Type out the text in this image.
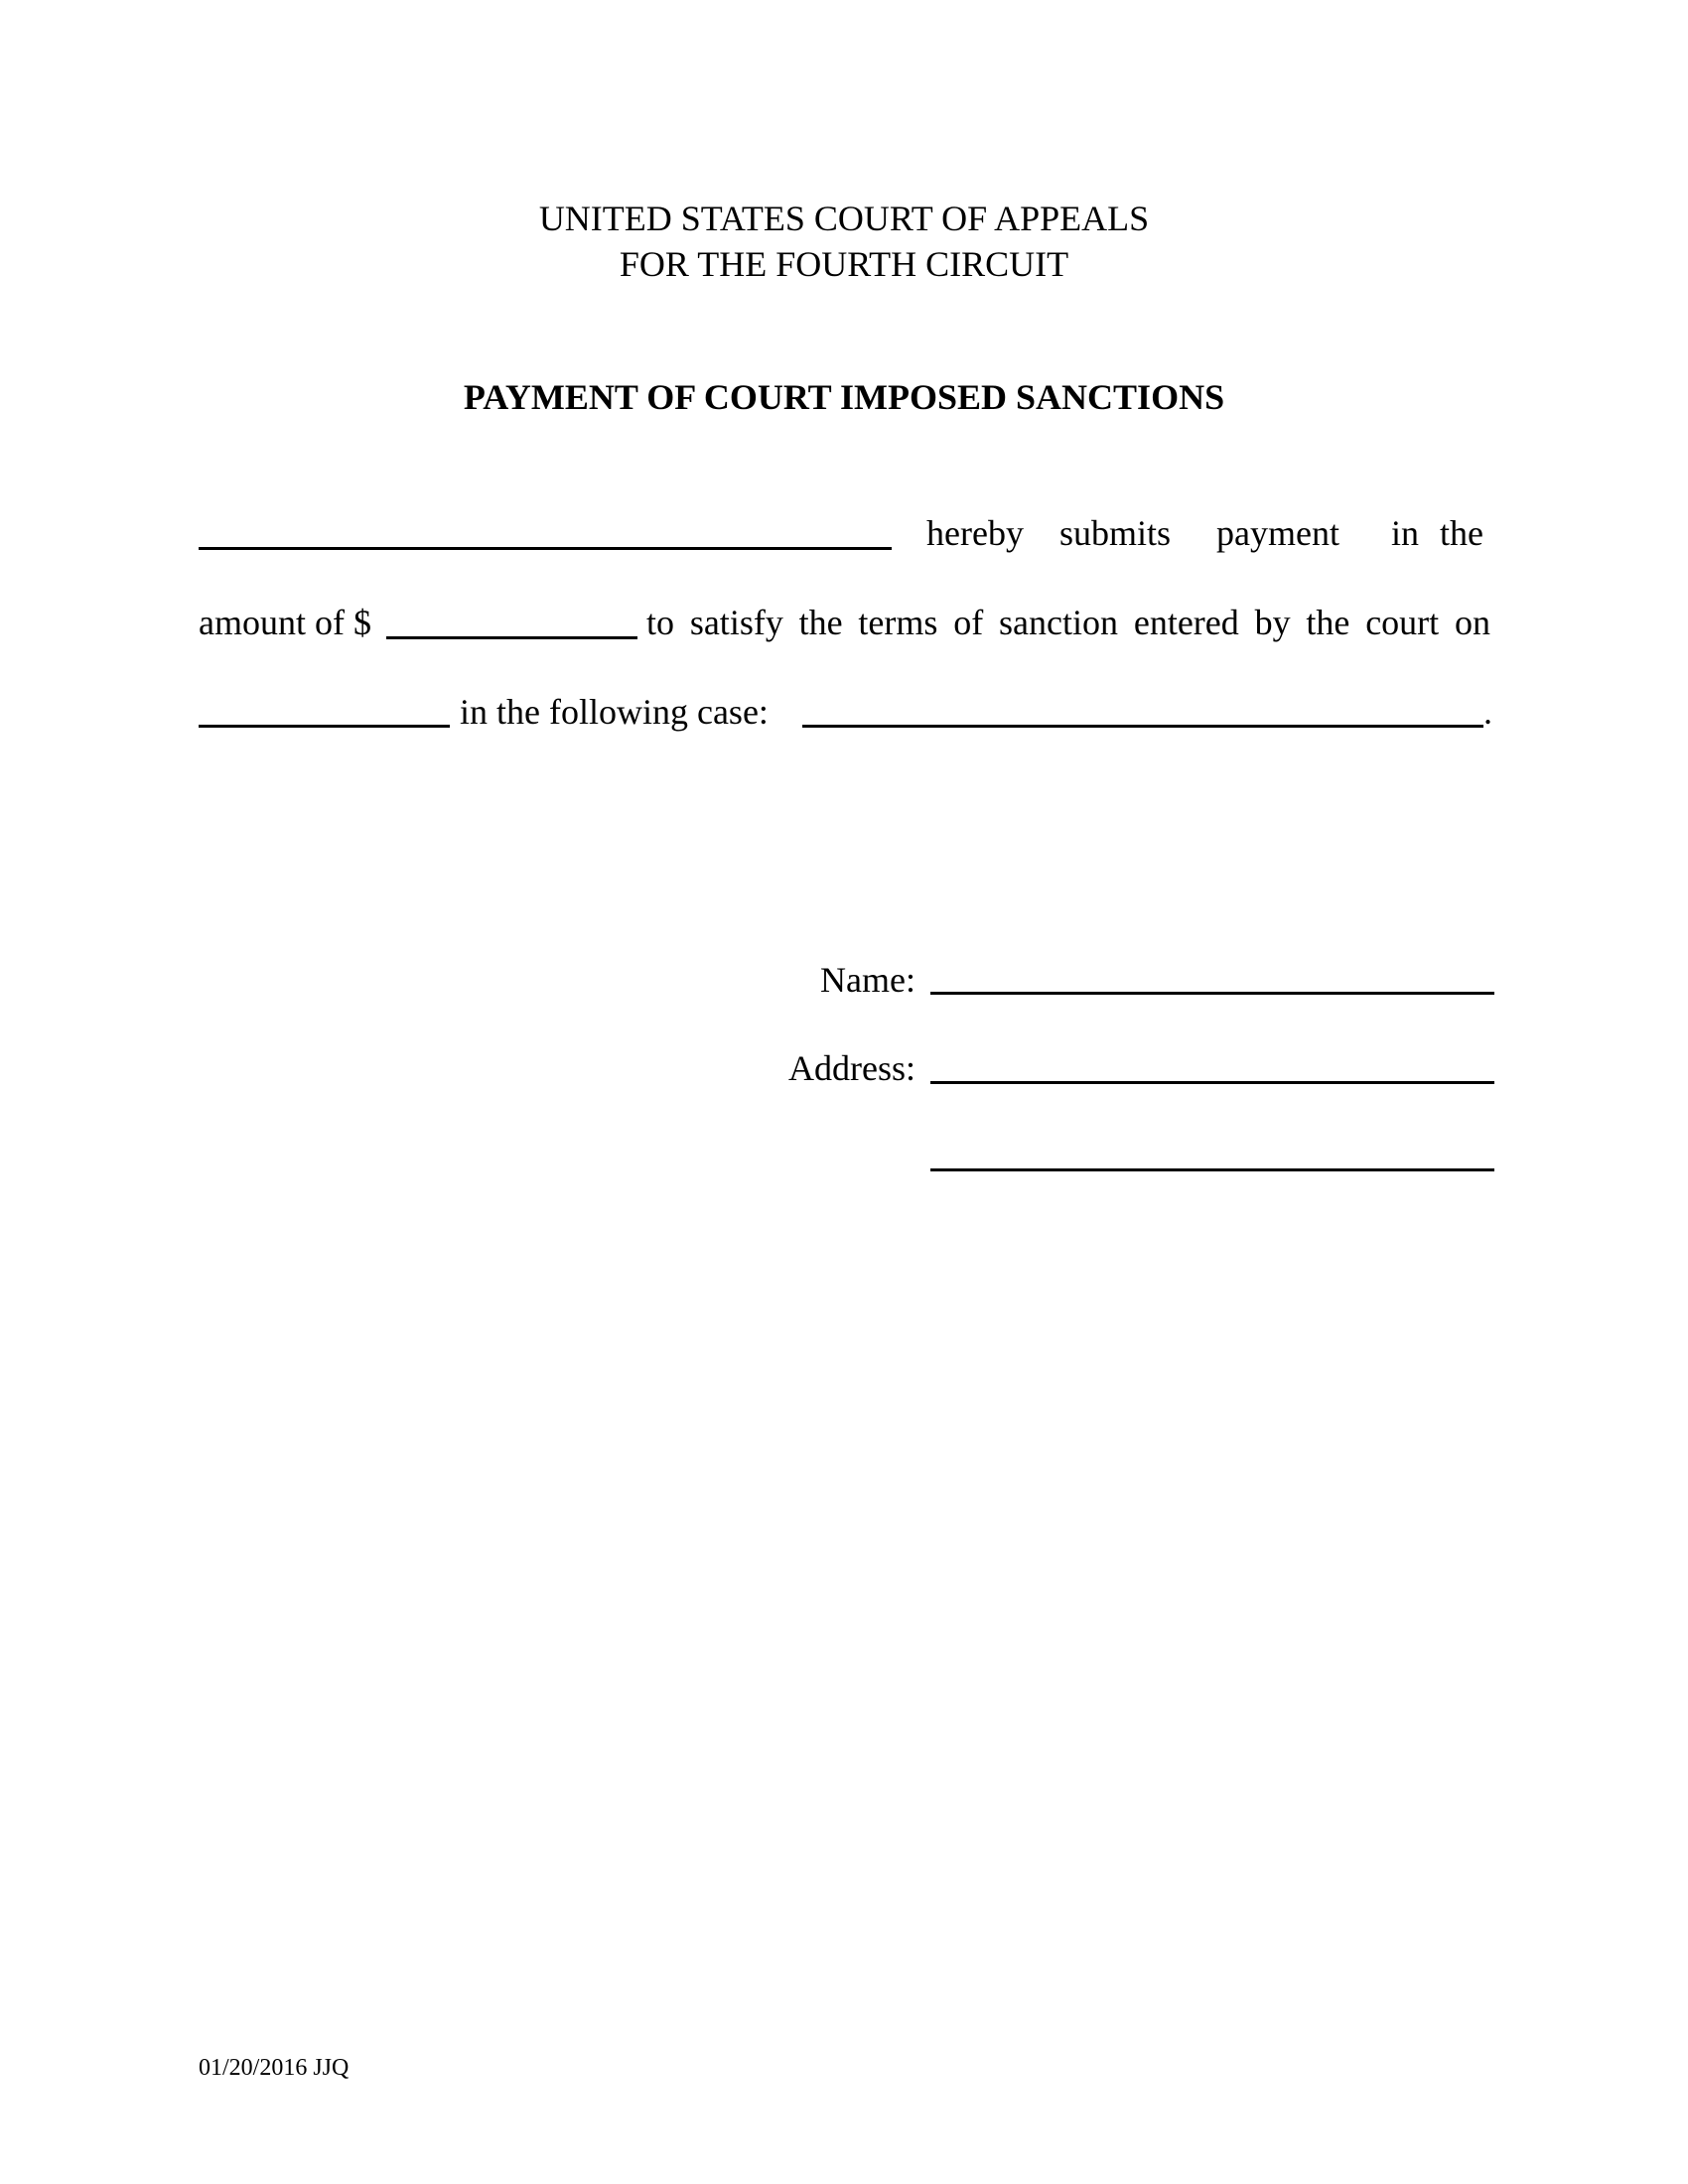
UNITED STATES COURT OF APPEALS
FOR THE FOURTH CIRCUIT
PAYMENT OF COURT IMPOSED SANCTIONS
hereby submits payment in the
amount of $	to satisfy the terms of sanction entered by the court on
in the following case:	.
Name:
Address:
01/20/2016 JJQ
